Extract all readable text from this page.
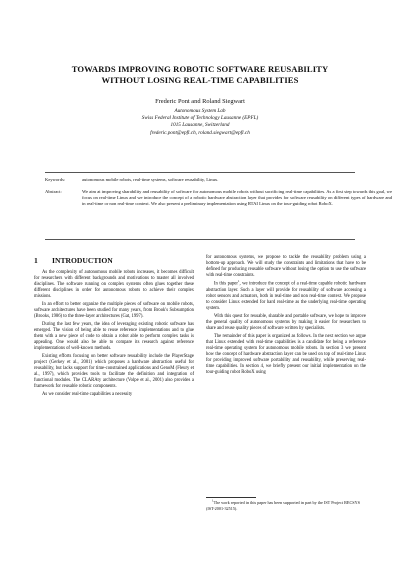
TOWARDS IMPROVING ROBOTIC SOFTWARE REUSABILITY
WITHOUT LOSING REAL-TIME CAPABILITIES
Frederic Pont and Roland Siegwart
Autonomous System Lab
Swiss Federal Institute of Technology Lausanne (EPFL)
1015 Lausanne, Switzerland
frederic.pont@epfl.ch, roland.siegwart@epfl.ch
Keywords:	autonomous mobile robots, real-time systems, software reusability, Linux.
Abstract:	We aim at improving sharability and reusability of software for autonomous mobile robots without sacrificing real-time capabilities. As a first step towards this goal, we focus on real-time Linux and we introduce the concept of a robotic hardware abstraction layer that provides for software reusability on different types of hardware and in real-time or non real-time context. We also present a preliminary implementation using RTAI Linux on the tour-guiding robot RoboX.
1 INTRODUCTION

As the complexity of autonomous mobile robots increases, it becomes difficult for researchers with different backgrounds and motivations to master all involved disciplines. The software running on complex systems often glues together these different disciplines in order for autonomous robots to achieve their complex missions.

In an effort to better organize the multiple pieces of software on mobile robots, software architectures have been studied for many years, from Brook's Subsumption (Brooks, 1986) to the three-layer architectures (Gat, 1997).

During the last few years, the idea of leveraging existing robotic software has emerged. The vision of being able to reuse reference implementations and to glue them with a new piece of code to obtain a robot able to perform complex tasks is appealing. One would also be able to compare its research against reference implementations of well-known methods.

Existing efforts focusing on better software reusability include the PlayerStage project (Gerkey et al., 2001) which proposes a hardware abstraction useful for reusability, but lacks support for time-constrained applications and GenoM (Fleury et al., 1997), which provides tools to facilitate the definition and integration of functional modules. The CLARAty architecture (Volpe et al., 2001) also provides a framework for reusable robotic components.

As we consider real-time capabilities a necessity

for autonomous systems, we propose to tackle the reusability problem using a bottom-up approach. We will study the constraints and limitations that have to be defined for producing reusable software without losing the option to use the software with real-time constraints.

In this paper$^1$, we introduce the concept of a real-time capable robotic hardware abstraction layer. Such a layer will provide for reusability of software accessing a robot sensors and actuators, both in real-time and non real-time context. We propose to consider Linux extended for hard real-time as the underlying real-time operating system.

With this quest for reusable, sharable and portable software, we hope to improve the general quality of autonomous systems by making it easier for researchers to share and reuse quality pieces of software written by specialists.

The remainder of this paper is organized as follows. In the next section we argue that Linux extended with real-time capabilities is a candidate for being a reference real-time operating system for autonomous mobile robots. In section 3 we present how the concept of hardware abstraction layer can be used on top of real-time Linux for providing improved software portability and reusability, while preserving real-time capabilities. In section 4, we briefly present our initial implementation on the tour-guiding robot RoboX using

$^1$The work reported in this paper has been supported in part by the IST Project RECSYS (IST-2001-32515).
